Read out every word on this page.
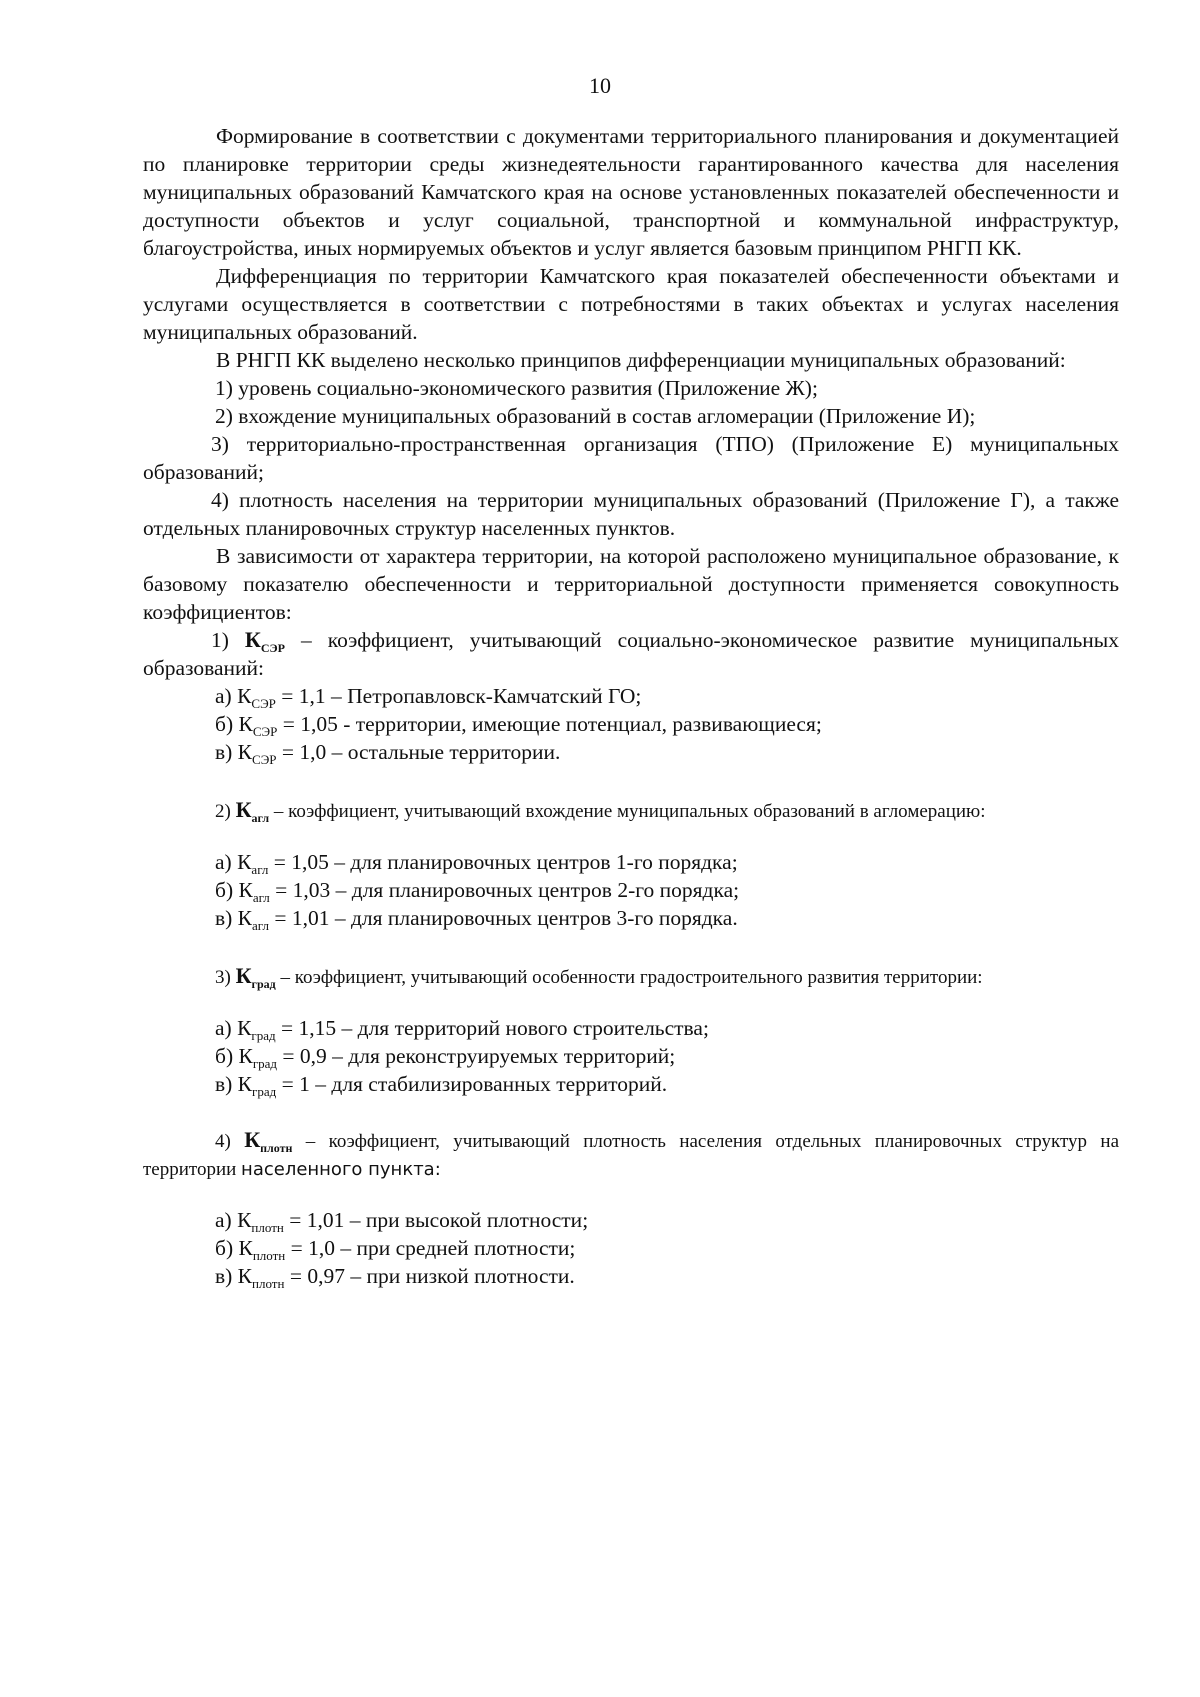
10

Формирование в соответствии с документами территориального планирования и документацией по планировке территории среды жизнедеятельности гарантированного качества для населения муниципальных образований Камчатского края на основе установленных показателей обеспеченности и доступности объектов и услуг социальной, транспортной и коммунальной инфраструктур, благоустройства, иных нормируемых объектов и услуг является базовым принципом РНГП КК.

Дифференциация по территории Камчатского края показателей обеспеченности объектами и услугами осуществляется в соответствии с потребностями в таких объектах и услугах населения муниципальных образований.

В РНГП КК выделено несколько принципов дифференциации муниципальных образований:

1) уровень социально-экономического развития (Приложение Ж);

2) вхождение муниципальных образований в состав агломерации (Приложение И);

3) территориально-пространственная организация (ТПО) (Приложение Е) муниципальных образований;

4) плотность населения на территории муниципальных образований (Приложение Г), а также отдельных планировочных структур населенных пунктов.

В зависимости от характера территории, на которой расположено муниципальное образование, к базовому показателю обеспеченности и территориальной доступности применяется совокупность коэффициентов:

1) $К_{СЭР}$ – коэффициент, учитывающий социально-экономическое развитие муниципальных образований:

а) $К_{СЭР} = 1,1$ – Петропавловск-Камчатский ГО;

б) $К_{СЭР} = 1,05$ - территории, имеющие потенциал, развивающиеся;

в) $К_{СЭР} = 1,0$ – остальные территории.

2) $К_{агл}$ – коэффициент, учитывающий вхождение муниципальных образований в агломерацию:

а) $К_{агл} = 1,05$ – для планировочных центров 1-го порядка;

б) $К_{агл} = 1,03$ – для планировочных центров 2-го порядка;

в) $К_{агл} = 1,01$ – для планировочных центров 3-го порядка.

3) $К_{град}$ – коэффициент, учитывающий особенности градостроительного развития территории:

а) $К_{град} = 1,15$ – для территорий нового строительства;

б) $К_{град} = 0,9$ – для реконструируемых территорий;

в) $К_{град} = 1$ – для стабилизированных территорий.

4) $К_{плотн}$ – коэффициент, учитывающий плотность населения отдельных планировочных структур на территории населенного пункта:

а) $К_{плотн} = 1,01$ – при высокой плотности;

б) $К_{плотн} = 1,0$ – при средней плотности;

в) $К_{плотн} = 0,97$ – при низкой плотности.
